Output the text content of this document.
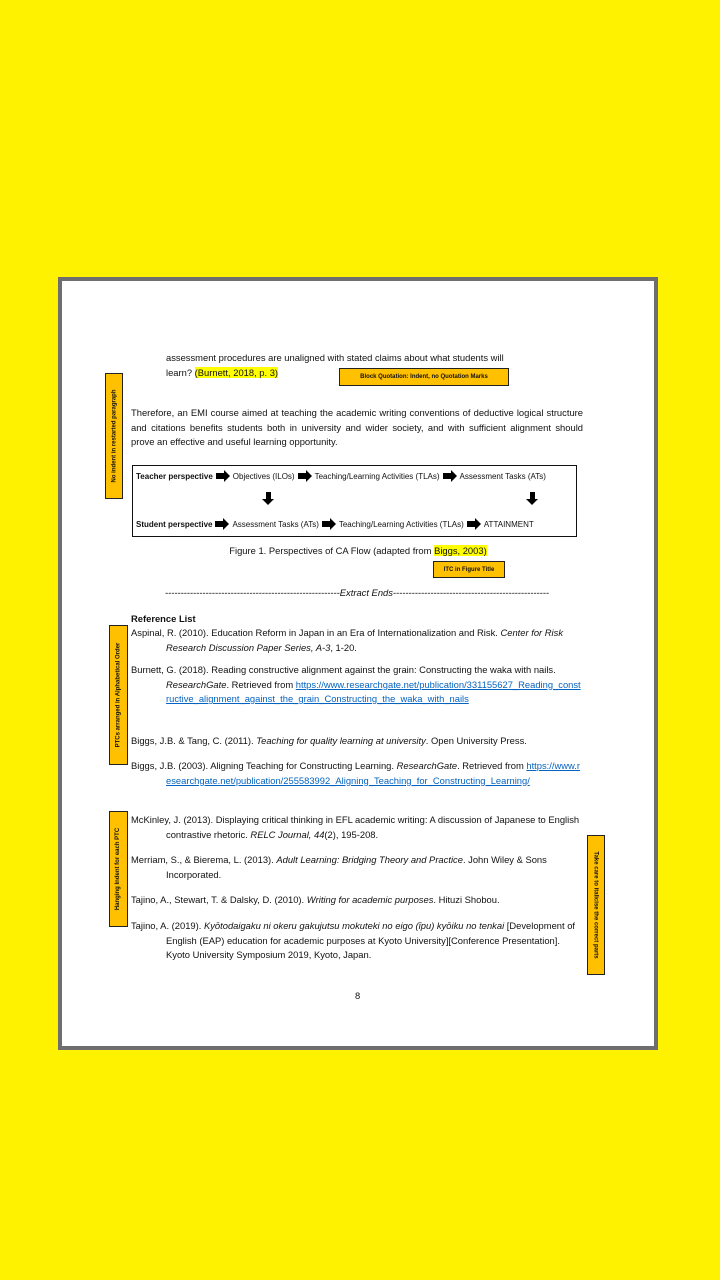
assessment procedures are unaligned with stated claims about what students will
learn? (Burnett, 2018, p. 3)
Therefore, an EMI course aimed at teaching the academic writing conventions of deductive logical structure and citations benefits students both in university and wider society, and with sufficient alignment should prove an effective and useful learning opportunity.
Teacher perspective	Objectives (ILOs)	Teaching/Learning Activities (TLAs)	Assessment Tasks (ATs)
Student perspective	Assessment Tasks (ATs)	Teaching/Learning Activities (TLAs)	ATTAINMENT
Figure 1. Perspectives of CA Flow (adapted from Biggs, 2003)
--------------------------------------------------------Extract Ends--------------------------------------------------
Reference List
Aspinal, R. (2010). Education Reform in Japan in an Era of Internationalization and Risk. Center for Risk Research Discussion Paper Series, A-3, 1-20.
Burnett, G. (2018). Reading constructive alignment against the grain: Constructing the waka with nails. ResearchGate. Retrieved from https://www.researchgate.net/publication/331155627_Reading_constructive_alignment_against_the_grain_Constructing_the_waka_with_nails
Biggs, J.B. & Tang, C. (2011). Teaching for quality learning at university. Open University Press.
Biggs, J.B. (2003). Aligning Teaching for Constructing Learning. ResearchGate. Retrieved from https://www.researchgate.net/publication/255583992_Aligning_Teaching_for_Constructing_Learning/
McKinley, J. (2013). Displaying critical thinking in EFL academic writing: A discussion of Japanese to English contrastive rhetoric. RELC Journal, 44(2), 195-208.
Merriam, S., & Bierema, L. (2013). Adult Learning: Bridging Theory and Practice. John Wiley & Sons Incorporated.
Tajino, A., Stewart, T. & Dalsky, D. (2010). Writing for academic purposes. Hituzi Shobou.
Tajino, A. (2019). Kyōtodaigaku ni okeru gakujutsu mokuteki no eigo (īpu) kyōiku no tenkai [Development of English (EAP) education for academic purposes at Kyoto University][Conference Presentation]. Kyoto University Symposium 2019, Kyoto, Japan.
8
Block Quotation: Indent, no Quotation Marks
ITC in Figure Title
No indent in restarted paragraph
PTCs arranged in Alphabetical Order
Hanging Indent for each PTC	Take care to italicise the correct parts
